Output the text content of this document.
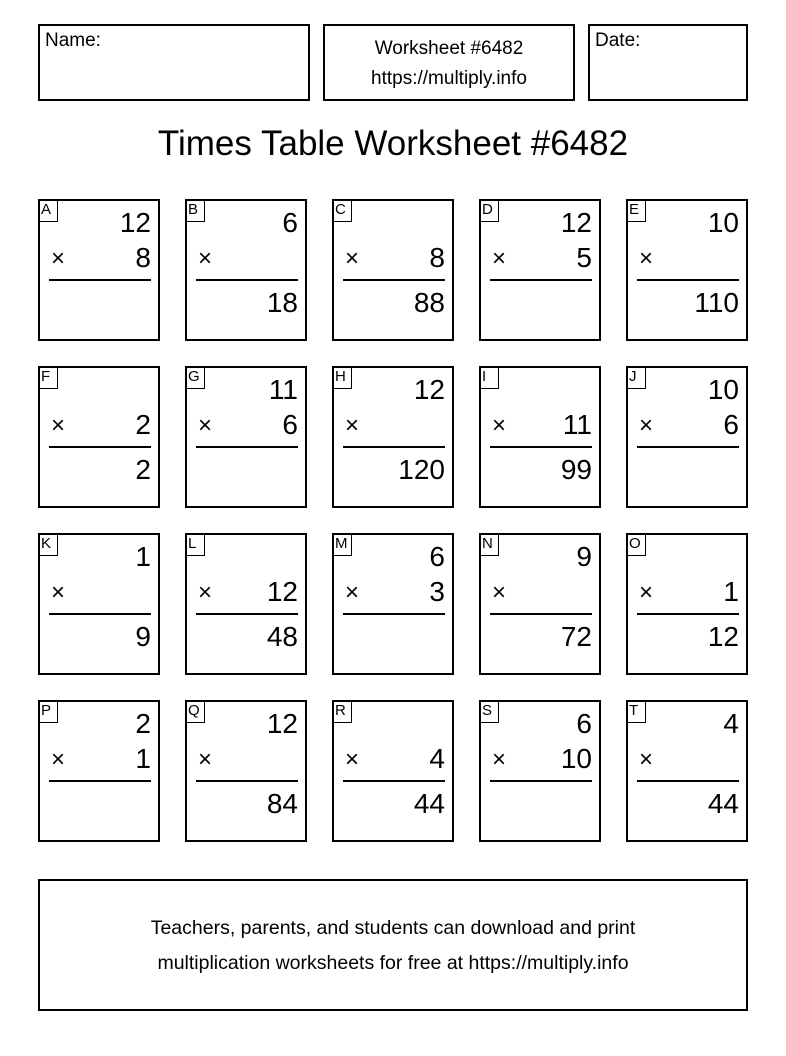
Name:	Worksheet #6482
https://multiply.info
Date:
Times Table Worksheet #6482
A 12
×	8
B	6
×
18
C
×	8
88
D 12
×	5
E 10
×
110
F
×	2
2
G 11
×	6
H 12
×
120
I
× 11
99
J	10
×	6
K	1
×
9
L
× 12
48
M	6
×	3
N	9
×
72
O
×	1
12
P	2
×	1
Q 12
×
84
R
×	4
44
S	6
× 10
T	4
×
44
Teachers, parents, and students can download and print
multiplication worksheets for free at https://multiply.info
